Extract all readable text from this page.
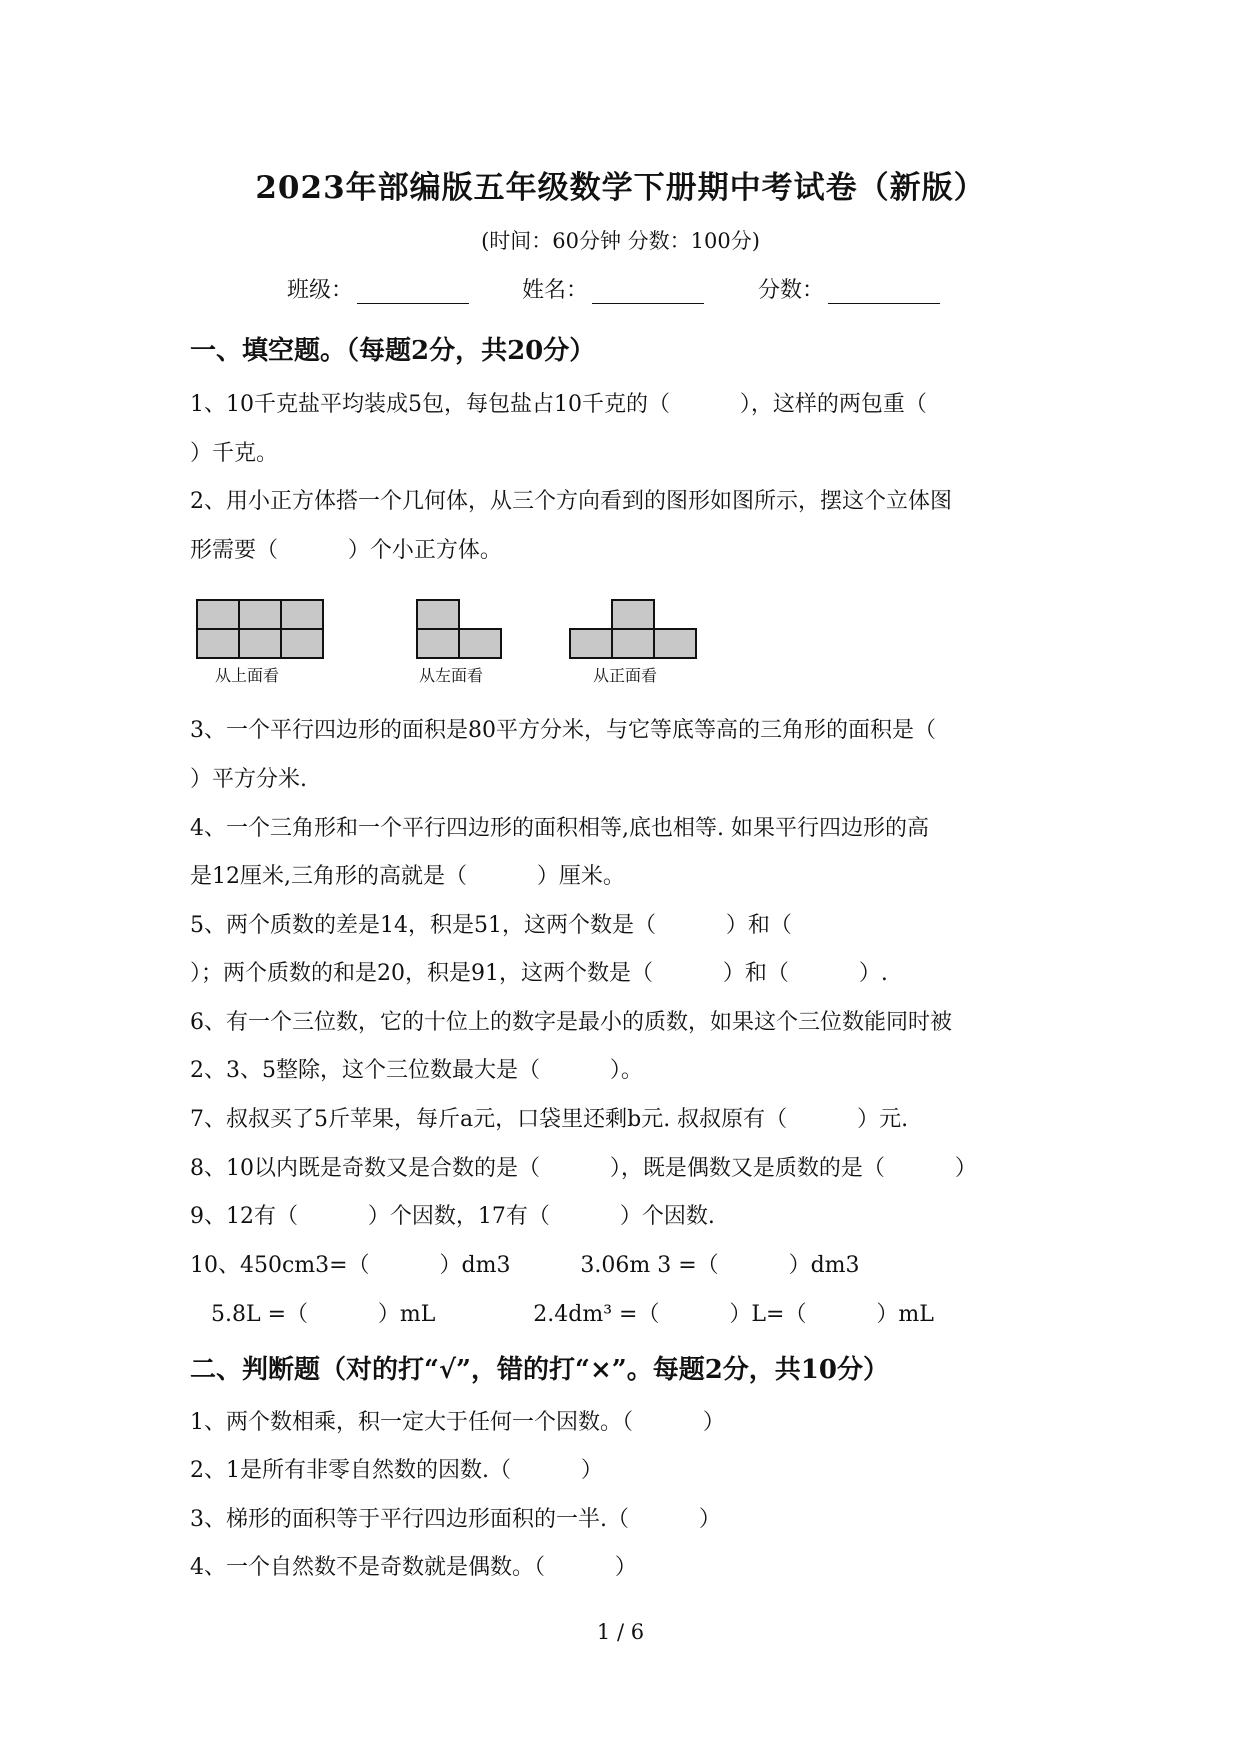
2023年部编版五年级数学下册期中考试卷（新版）
(时间：60分钟 分数：100分)
班级：	姓名：	分数：
一、填空题。（每题2分，共20分）
1、10千克盐平均装成5包，每包盐占10千克的（          ），这样的两包重（
）千克。
2、用小正方体搭一个几何体，从三个方向看到的图形如图所示，摆这个立体图
形需要（          ）个小正方体。
从上面看	从左面看	从正面看
3、一个平行四边形的面积是80平方分米，与它等底等高的三角形的面积是（
）平方分米.
4、一个三角形和一个平行四边形的面积相等,底也相等. 如果平行四边形的高
是12厘米,三角形的高就是（          ）厘米。
5、两个质数的差是14，积是51，这两个数是（          ）和（
）；两个质数的和是20，积是91，这两个数是（          ）和（          ）.
6、有一个三位数，它的十位上的数字是最小的质数，如果这个三位数能同时被
2、3、5整除，这个三位数最大是（          ）。
7、叔叔买了5斤苹果，每斤a元，口袋里还剩b元. 叔叔原有（          ）元.
8、10以内既是奇数又是合数的是（          ），既是偶数又是质数的是（          ）
9、12有（          ）个因数，17有（          ）个因数.
10、450cm3=（          ）dm3          3.06m 3 =（          ）dm3
5.8L =（          ）mL              2.4dm³ =（          ）L=（          ）mL
二、判断题（对的打“√”，错的打“×”。每题2分，共10分）
1、两个数相乘，积一定大于任何一个因数。（          ）
2、1是所有非零自然数的因数.（          ）
3、梯形的面积等于平行四边形面积的一半.（          ）
4、一个自然数不是奇数就是偶数。（          ）
1 / 6
